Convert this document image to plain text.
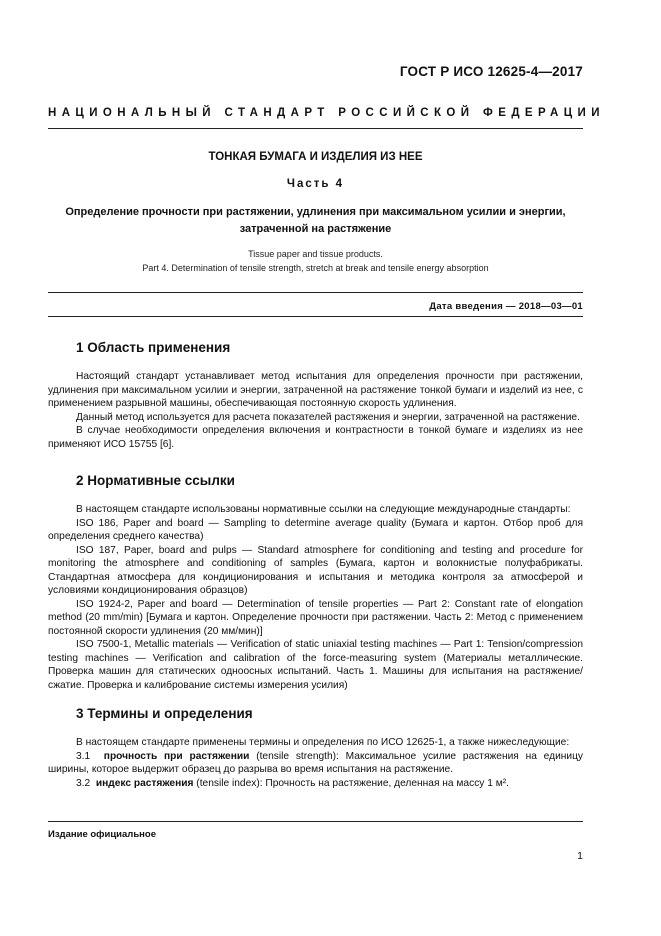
ГОСТ Р ИСО 12625-4—2017
НАЦИОНАЛЬНЫЙ СТАНДАРТ РОССИЙСКОЙ ФЕДЕРАЦИИ
ТОНКАЯ БУМАГА И ИЗДЕЛИЯ ИЗ НЕЕ
Часть 4
Определение прочности при растяжении, удлинения при максимальном усилии и энергии, затраченной на растяжение
Tissue paper and tissue products.
Part 4. Determination of tensile strength, stretch at break and tensile energy absorption
Дата введения — 2018—03—01
1 Область применения

Настоящий стандарт устанавливает метод испытания для определения прочности при растяжении, удлинения при максимальном усилии и энергии, затраченной на растяжение тонкой бумаги и изделий из нее, с применением разрывной машины, обеспечивающая постоянную скорость удлинения.

Данный метод используется для расчета показателей растяжения и энергии, затраченной на растяжение.

В случае необходимости определения включения и контрастности в тонкой бумаге и изделиях из нее применяют ИСО 15755 [6].

2 Нормативные ссылки

В настоящем стандарте использованы нормативные ссылки на следующие международные стандарты:

ISO 186, Paper and board — Sampling to determine average quality (Бумага и картон. Отбор проб для определения среднего качества)

ISO 187, Paper, board and pulps — Standard atmosphere for conditioning and testing and procedure for monitoring the atmosphere and conditioning of samples (Бумага, картон и волокнистые полуфабрикаты. Стандартная атмосфера для кондиционирования и испытания и методика контроля за атмосферой и условиями кондиционирования образцов)

ISO 1924-2, Paper and board — Determination of tensile properties — Part 2: Constant rate of elongation method (20 mm/min) [Бумага и картон. Определение прочности при растяжении. Часть 2: Метод с применением постоянной скорости удлинения (20 мм/мин)]

ISO 7500-1, Metallic materials — Verification of static uniaxial testing machines — Part 1: Tension/compression testing machines — Verification and calibration of the force-measuring system (Материалы металлические. Проверка машин для статических одноосных испытаний. Часть 1. Машины для испытания на растяжение/сжатие. Проверка и калибрование системы измерения усилия)

3 Термины и определения

В настоящем стандарте применены термины и определения по ИСО 12625-1, а также нижеследующие:

3.1 прочность при растяжении (tensile strength): Максимальное усилие растяжения на единицу ширины, которое выдержит образец до разрыва во время испытания на растяжение.

3.2 индекс растяжения (tensile index): Прочность на растяжение, деленная на массу 1 м².

Издание официальное
1
